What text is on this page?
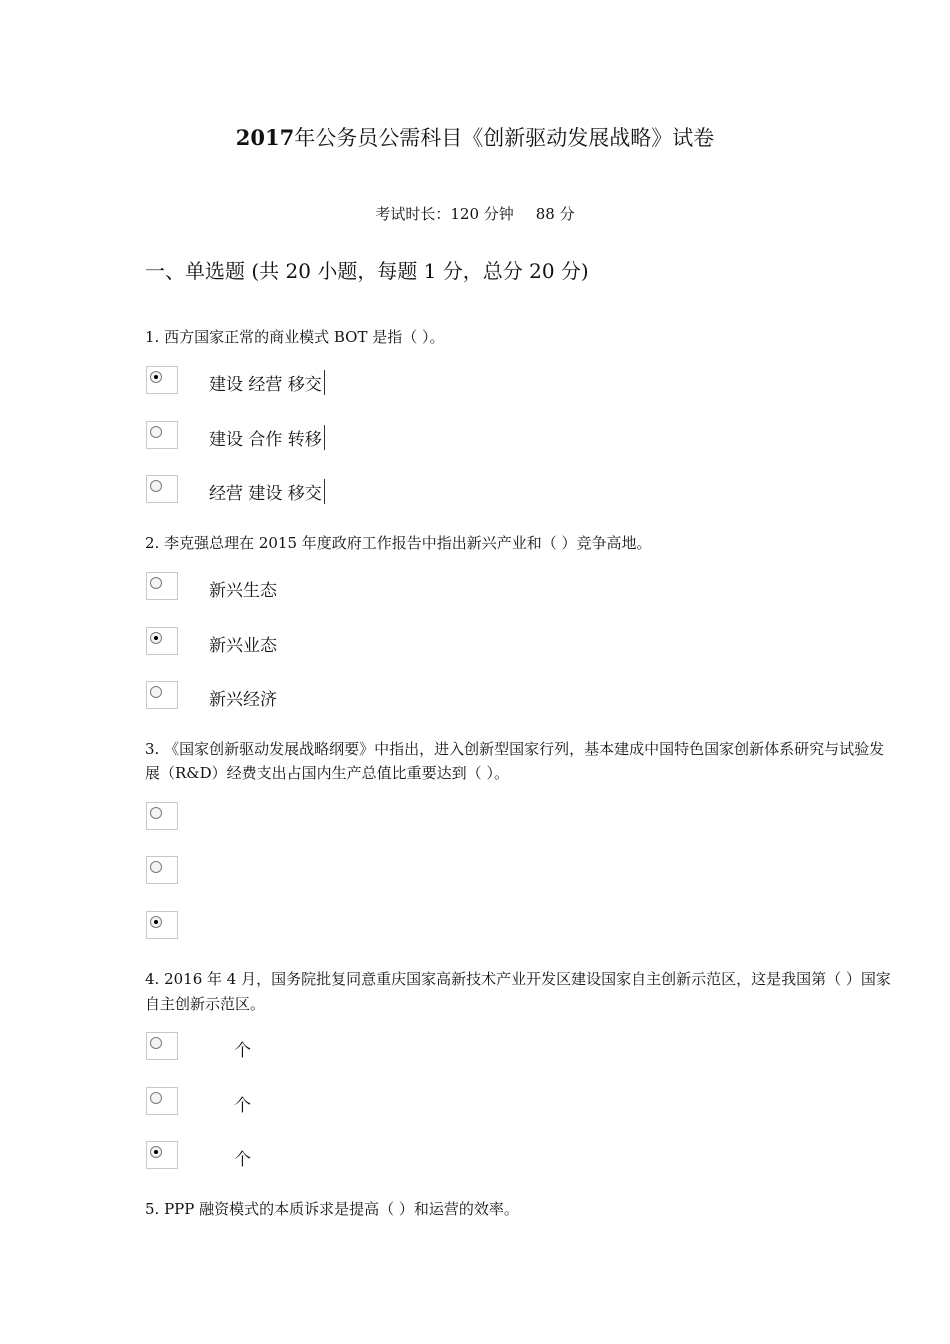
2017年公务员公需科目《创新驱动发展战略》试卷
考试时长：120 分钟 88 分
一、单选题 (共 20 小题，每题 1 分，总分 20 分)
1. 西方国家正常的商业模式 BOT 是指（ ）。
建设 经营 移交
建设 合作 转移
经营 建设 移交
2. 李克强总理在 2015 年度政府工作报告中指出新兴产业和（ ）竞争高地。
新兴生态
新兴业态
新兴经济
3. 《国家创新驱动发展战略纲要》中指出，进入创新型国家行列，基本建成中国特色国家创新体系研究与试验发
展（R&D）经费支出占国内生产总值比重要达到（ ）。
4. 2016 年 4 月，国务院批复同意重庆国家高新技术产业开发区建设国家自主创新示范区，这是我国第（ ）国家
自主创新示范区。
个
个
个
5. PPP 融资模式的本质诉求是提高（ ）和运营的效率。
